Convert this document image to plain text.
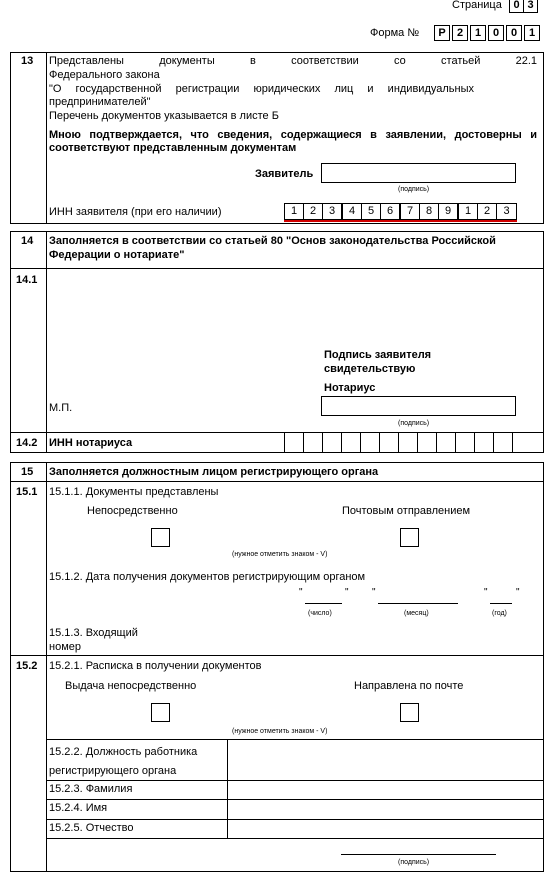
Страница	0 3
Форма №	Р	2	1	0	0	1
13 Представлены документы в соответствии со статьей 22.1
Федерального закона
"О государственной регистрации юридических лиц и индивидуальных
предпринимателей"
Перечень документов указывается в листе Б
Мною подтверждается, что сведения, содержащиеся в заявлении, достоверны и
соответствуют представленным документам
Заявитель
(подпись)
ИНН заявителя (при его наличии)	1	2	3	4	5	6	7	8	9	1	2	3
14 Заполняется в соответствии со статьей 80 "Основ законодательства Российской
Федерации о нотариате"
14.1
Подпись заявителя
свидетельствую
Нотариус
М.П.
(подпись)
14.2 ИНН нотариуса
15 Заполняется должностным лицом регистрирующего органа
15.1 15.1.1. Документы представлены
Непосредственно	Почтовым отправлением
(нужное отметить знаком - V)
15.1.2. Дата получения документов регистрирующим органом
"	" "	"	"
(число)	(месяц)	(год)
15.1.3. Входящий
номер
15.2 15.2.1. Расписка в получении документов
Выдача непосредственно	Направлена по почте
(нужное отметить знаком - V)
15.2.2. Должность работника
регистрирующего органа
15.2.3. Фамилия
15.2.4. Имя
15.2.5. Отчество
(подпись)
